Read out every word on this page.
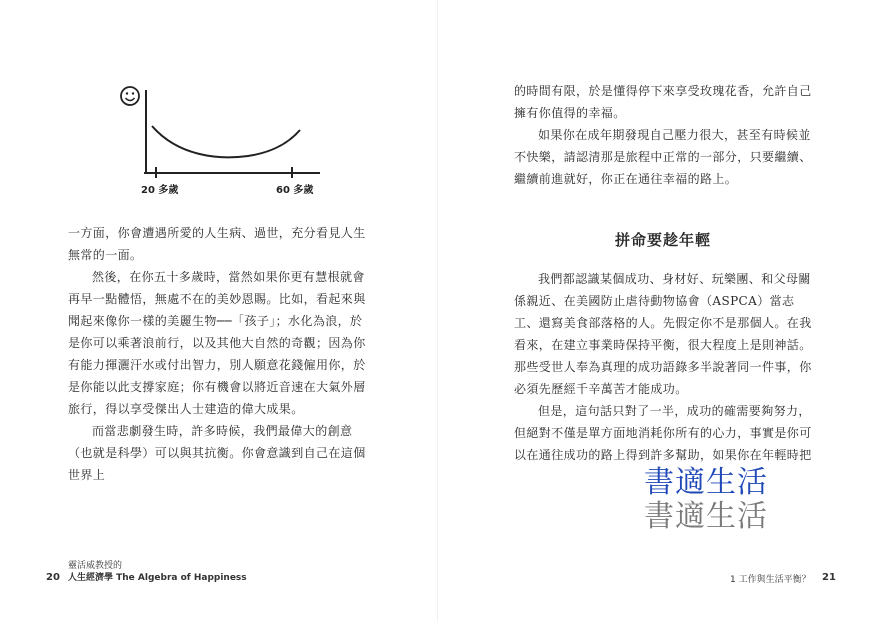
20 多歲	60 多歲

一方面，你會遭遇所愛的人生病、過世，充分看見人生無常的一面。

然後，在你五十多歲時，當然如果你更有慧根就會再早一點體悟，無處不在的美妙恩賜。比如，看起來與聞起來像你一樣的美麗生物──「孩子」；水化為浪，於是你可以乘著浪前行，以及其他大自然的奇觀；因為你有能力揮灑汗水或付出智力，別人願意花錢僱用你，於是你能以此支撐家庭；你有機會以將近音速在大氣外層旅行，得以享受傑出人士建造的偉大成果。

而當悲劇發生時，許多時候，我們最偉大的創意（也就是科學）可以與其抗衡。你會意識到自己在這個世界上

20
靈活威教授的
人生經濟學 The Algebra of Happiness

的時間有限，於是懂得停下來享受玫瑰花香，允許自己擁有你值得的幸福。

如果你在成年期發現自己壓力很大，甚至有時候並不快樂，請認清那是旅程中正常的一部分，只要繼續、繼續前進就好，你正在通往幸福的路上。

拼命要趁年輕

我們都認識某個成功、身材好、玩樂團、和父母關係親近、在美國防止虐待動物協會（ASPCA）當志工、還寫美食部落格的人。先假定你不是那個人。在我看來，在建立事業時保持平衡，很大程度上是則神話。那些受世人奉為真理的成功語錄多半說著同一件事，你必須先歷經千辛萬苦才能成功。

但是，這句話只對了一半，成功的確需要夠努力，但絕對不僅是單方面地消耗你所有的心力，事實是你可以在通往成功的路上得到許多幫助，如果你在年輕時把

1 工作與生活平衡？ 21
書適生活
書適生活
